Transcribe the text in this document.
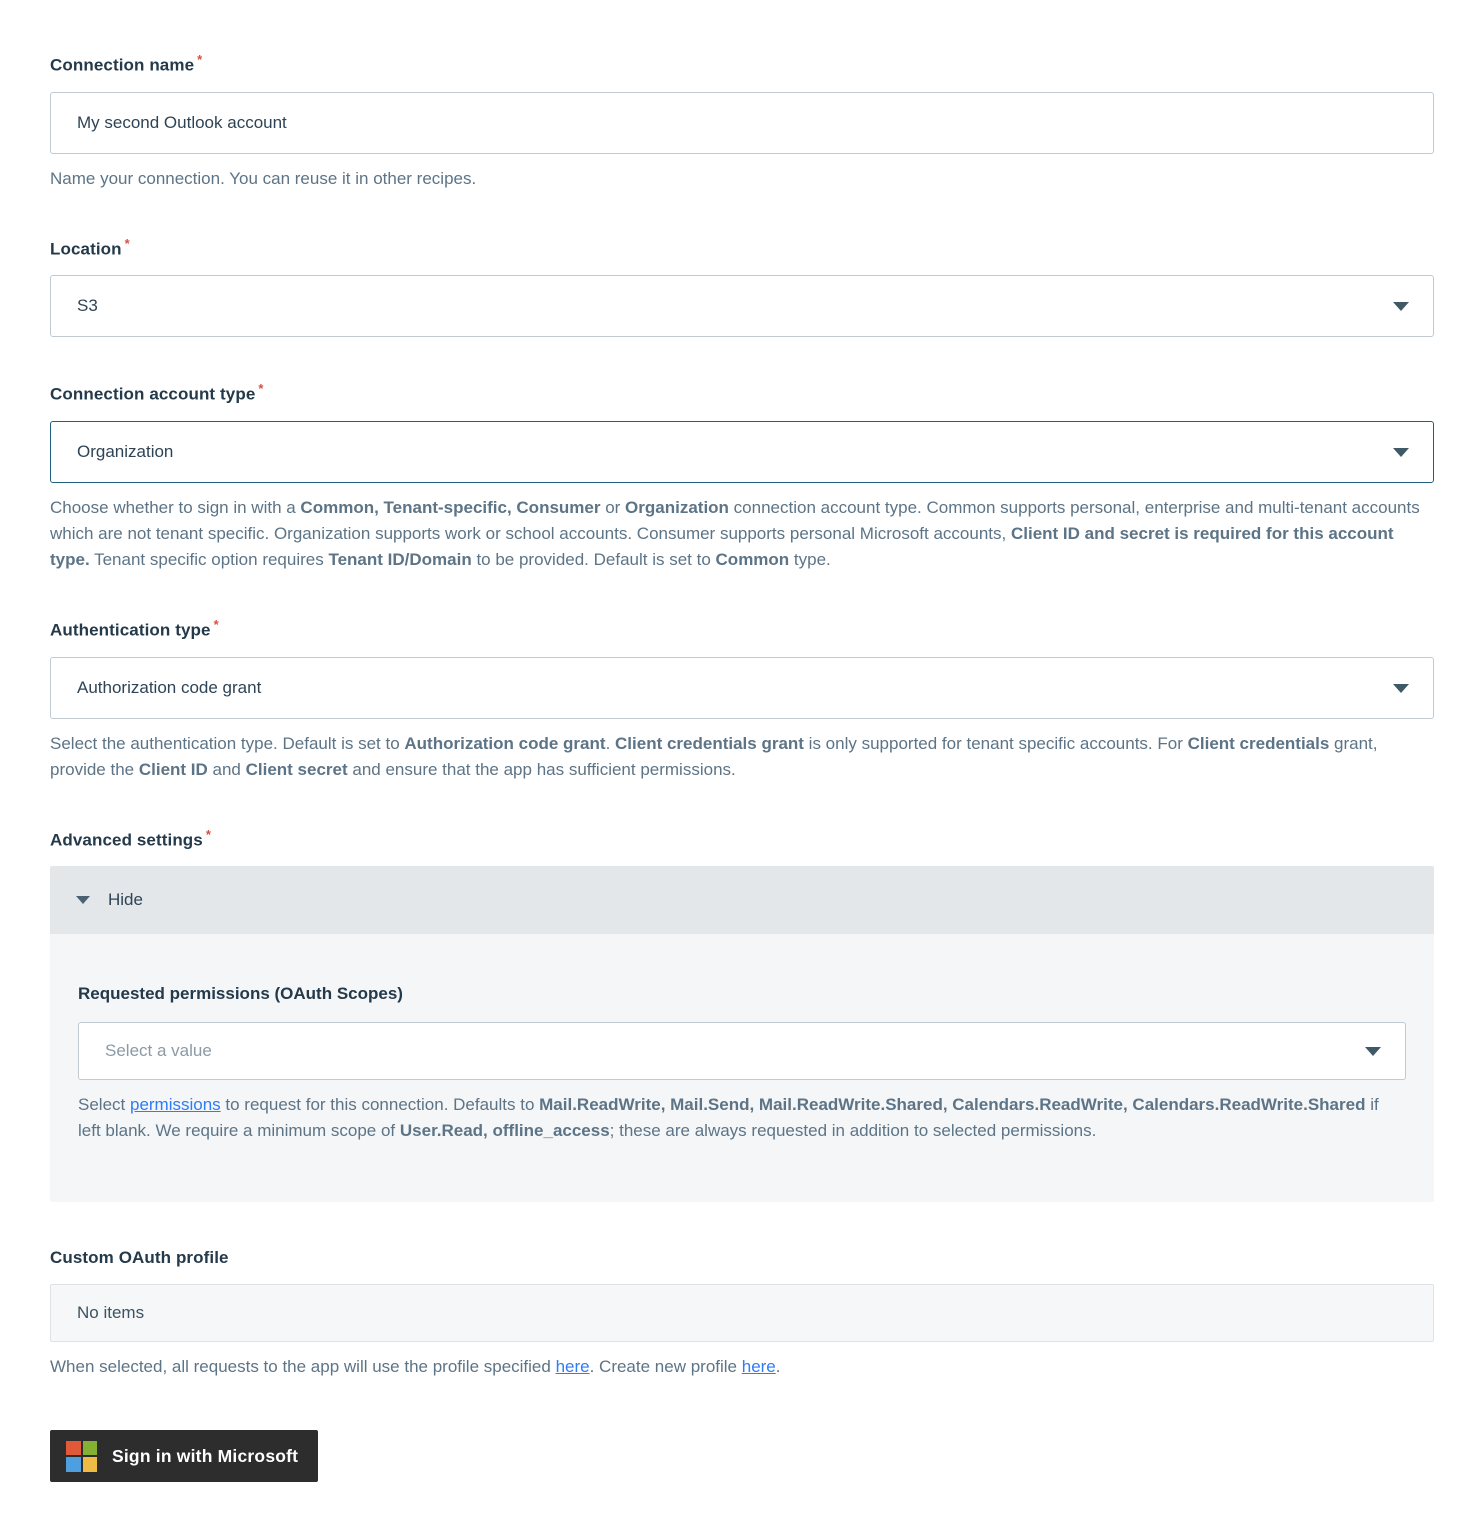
Connection name *
My second Outlook account
Name your connection. You can reuse it in other recipes.
Location *
S3
Connection account type *
Organization
Choose whether to sign in with a Common, Tenant-specific, Consumer or Organization connection account type. Common supports personal, enterprise and multi-tenant accounts which are not tenant specific. Organization supports work or school accounts. Consumer supports personal Microsoft accounts, Client ID and secret is required for this account type. Tenant specific option requires Tenant ID/Domain to be provided. Default is set to Common type.
Authentication type *
Authorization code grant
Select the authentication type. Default is set to Authorization code grant. Client credentials grant is only supported for tenant specific accounts. For Client credentials grant, provide the Client ID and Client secret and ensure that the app has sufficient permissions.
Advanced settings *
Hide
Requested permissions (OAuth Scopes)
Select a value
Select permissions to request for this connection. Defaults to Mail.ReadWrite, Mail.Send, Mail.ReadWrite.Shared, Calendars.ReadWrite, Calendars.ReadWrite.Shared if left blank. We require a minimum scope of User.Read, offline_access; these are always requested in addition to selected permissions.
Custom OAuth profile
No items
When selected, all requests to the app will use the profile specified here. Create new profile here.
Sign in with Microsoft
